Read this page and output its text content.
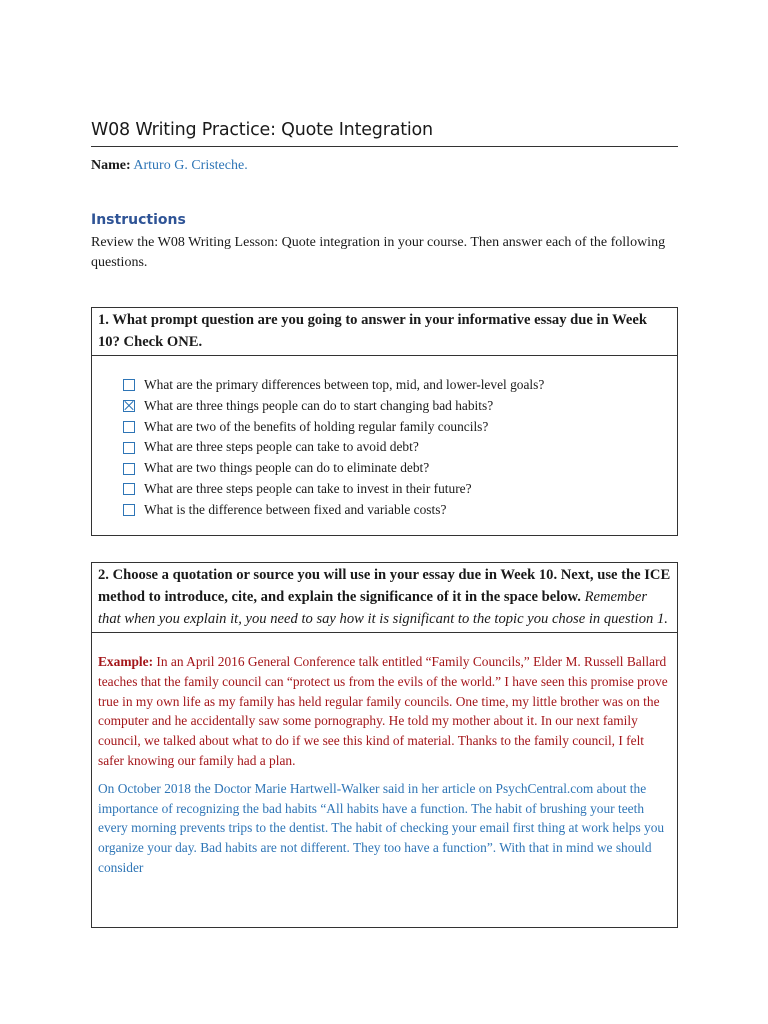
W08 Writing Practice: Quote Integration
Name: Arturo G. Cristeche.
Instructions

Review the W08 Writing Lesson: Quote integration in your course. Then answer each of the following questions.

1. What prompt question are you going to answer in your informative essay due in Week 10? Check ONE.
What are the primary differences between top, mid, and lower-level goals?
What are three things people can do to start changing bad habits?
What are two of the benefits of holding regular family councils?
What are three steps people can take to avoid debt?
What are two things people can do to eliminate debt?
What are three steps people can take to invest in their future?
What is the difference between fixed and variable costs?
2. Choose a quotation or source you will use in your essay due in Week 10. Next, use the ICE method to introduce, cite, and explain the significance of it in the space below. Remember that when you explain it, you need to say how it is significant to the topic you chose in question 1.

Example: In an April 2016 General Conference talk entitled “Family Councils,” Elder M. Russell Ballard teaches that the family council can “protect us from the evils of the world.” I have seen this promise prove true in my own life as my family has held regular family councils. One time, my little brother was on the computer and he accidentally saw some pornography. He told my mother about it. In our next family council, we talked about what to do if we see this kind of material. Thanks to the family council, I felt safer knowing our family had a plan.

On October 2018 the Doctor Marie Hartwell-Walker said in her article on PsychCentral.com about the importance of recognizing the bad habits “All habits have a function. The habit of brushing your teeth every morning prevents trips to the dentist. The habit of checking your email first thing at work helps you organize your day. Bad habits are not different. They too have a function”. With that in mind we should consider
